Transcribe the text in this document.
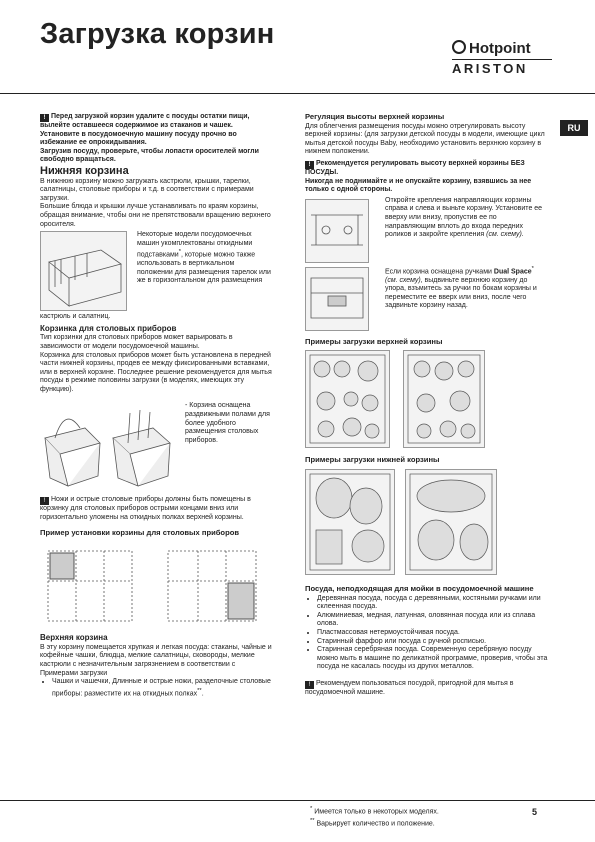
Загрузка корзин	Hotpoint
ARISTON
RU

! Перед загрузкой корзин удалите с посуды остатки пищи, вылейте оставшееся содержимое из стаканов и чашек.

Установите в посудомоечную машину посуду прочно во избежание ее опрокидывания.

Загрузив посуду, проверьте, чтобы лопасти оросителей могли свободно вращаться.

Нижняя корзина

В нижнюю корзину можно загружать кастрюли, крышки, тарелки, салатницы, столовые приборы и т.д. в соответствии с примерами загрузки.

Большие блюда и крышки лучше устанавливать по краям корзины, обращая внимание, чтобы они не препятствовали вращению верхнего оросителя.

Некоторые модели посудомоечных машин укомплектованы откидными подставками*, которые можно также использовать в вертикальном положении для размещения тарелок или же в горизонтальном для размещения

кастрюль и салатниц.

Корзинка для столовых приборов

Тип корзинки для столовых приборов может варьировать в зависимости от модели посудомоечной машины.

Корзинка для столовых приборов может быть установлена в передней части нижней корзины, продев ее между фиксированными вставками, или в верхней корзине. Последнее решение рекомендуется для мытья посуды в режиме половины загрузки (в моделях, имеющих эту функцию).

- Корзина оснащена раздвижными полами для более удобного размещения столовых приборов.

! Ножи и острые столовые приборы должны быть помещены в корзинку для столовых приборов острыми концами вниз или горизонтально уложены на откидных полках верхней корзины.

Пример установки корзины для столовых приборов
Верхняя корзина

В эту корзину помещается хрупкая и легкая посуда: стаканы, чайные и кофейные чашки, блюдца, мелкие салатницы, сковороды, мелкие кастрюли с незначительным загрязнением в соответствии с Примерами загрузки

• Чашки и чашечки, Длинные и острые ножи, разделочные столовые приборы: разместите их на откидных полках**.
Регуляция высоты верхней корзины

Для облегчения размещения посуды можно отрегулировать высоту верхней корзины: (для загрузки детской посуды в модели, имеющие цикл мытья детской посуды Baby, необходимо установить верхнюю корзину в нижнем положении.

! Рекомендуется регулировать высоту верхней корзины БЕЗ ПОСУДЫ.

Никогда не поднимайте и не опускайте корзину, взявшись за нее только с одной стороны.

Откройте крепления направляющих корзины справа и слева и выньте корзину. Установите ее вверху или внизу, пропустив ее по направляющим вплоть до входа передних роликов и закройте крепления (см. схему).

Если корзина оснащена ручками Dual Space* (см. схему), выдвиньте верхнюю корзину до упора, взъмитесь за ручки по бокам корзины и переместите ее вверх или вниз, после чего задвиньте корзину назад.

Примеры загрузки верхней корзины
Примеры загрузки нижней корзины
Посуда, неподходящая для мойки в посудомоечной машине
• Деревянная посуда, посуда с деревянными, костяными ручками или склеенная посуда.
• Алюминиевая, медная, латунная, оловянная посуда или из сплава олова.
• Пластмассовая нетермоустойчивая посуда.
• Старинный фарфор или посуда с ручной росписью.
• Старинная серебряная посуда. Современную серебряную посуду можно мыть в машине по деликатной программе, проверив, чтобы эта посуда не касалась посуды из других металлов.

! Рекомендуем пользоваться посудой, пригодной для мытья в посудомоечной машине.

* Имеется только в некоторых моделях.
** Варьирует количество и положение.
5
